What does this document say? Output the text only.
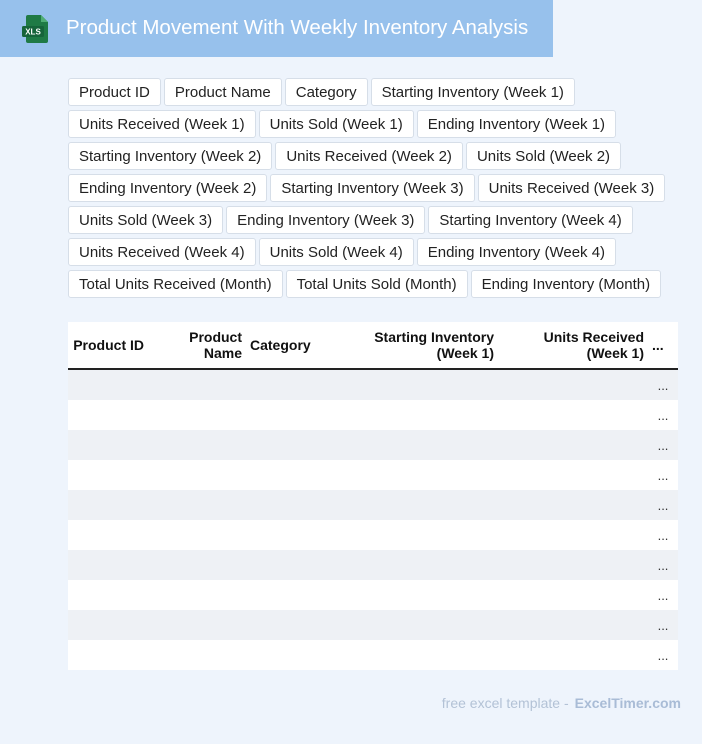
XLS Product Movement With Weekly Inventory Analysis
Product ID	Product Name	Category	Starting Inventory (Week 1)
Units Received (Week 1)	Units Sold (Week 1)	Ending Inventory (Week 1)
Starting Inventory (Week 2)	Units Received (Week 2)	Units Sold (Week 2)
Ending Inventory (Week 2)	Starting Inventory (Week 3)	Units Received (Week 3)
Units Sold (Week 3)	Ending Inventory (Week 3)	Starting Inventory (Week 4)
Units Received (Week 4)	Units Sold (Week 4)	Ending Inventory (Week 4)
Total Units Received (Month)	Total Units Sold (Month)	Ending Inventory (Month)
Product ID	Product Name	Category	Starting Inventory (Week 1)	Units Received (Week 1)	...
					...
					...
					...
					...
					...
					...
					...
					...
					...
					...
free excel template - ExcelTimer.com
